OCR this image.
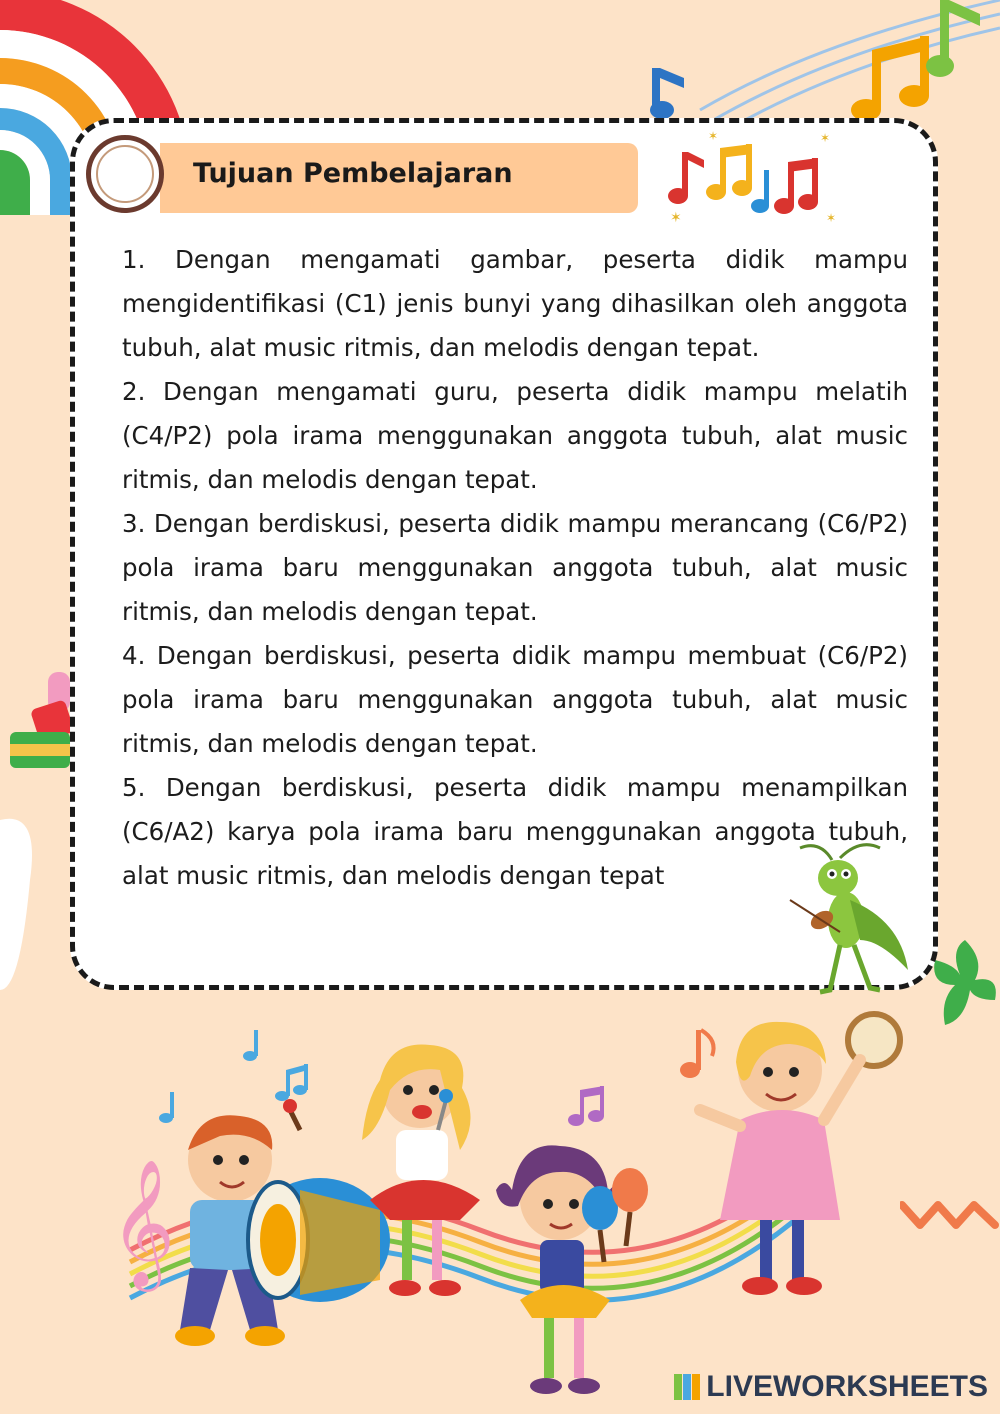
Tujuan Pembelajaran
✶
✶	✶
✶

1. Dengan mengamati gambar, peserta didik mampu mengidentifikasi (C1) jenis bunyi yang dihasilkan oleh anggota tubuh, alat music ritmis, dan melodis dengan tepat.

2. Dengan mengamati guru, peserta didik mampu melatih (C4/P2) pola irama menggunakan anggota tubuh, alat music ritmis, dan melodis dengan tepat.

3. Dengan berdiskusi, peserta didik mampu merancang (C6/P2) pola irama baru menggunakan anggota tubuh, alat music ritmis, dan melodis dengan tepat.

4. Dengan berdiskusi, peserta didik mampu membuat (C6/P2) pola irama baru menggunakan anggota tubuh, alat music ritmis, dan melodis dengan tepat.

5. Dengan berdiskusi, peserta didik mampu menampilkan (C6/A2) karya pola irama baru menggunakan anggota tubuh, alat music ritmis, dan melodis dengan tepat

𝄞
LIVEWORKSHEETS
